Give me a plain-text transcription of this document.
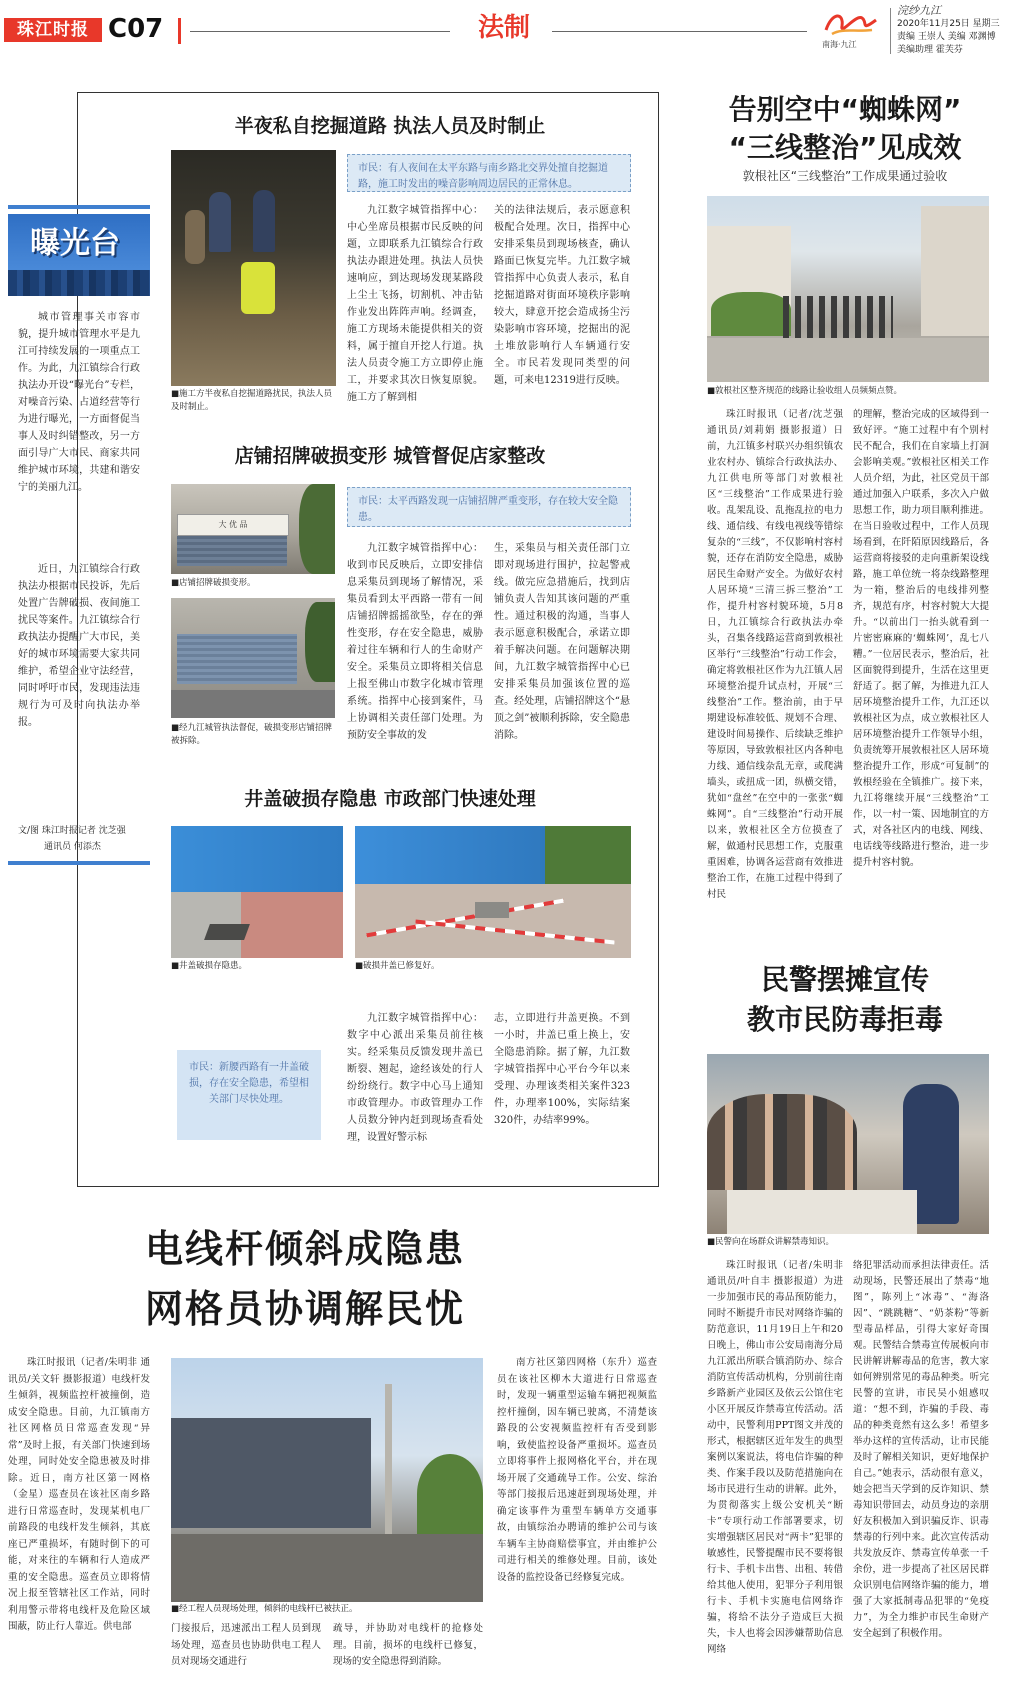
珠江时报 C07	法制
南海·九江
浣纱九江
2020年11月25日 星期三
责编 王崇人 美编 邓渊博
美编助理 霍芙芬
曝光台

城市管理事关市容市貌，提升城市管理水平是九江可持续发展的一项重点工作。为此，九江镇综合行政执法办开设“曝光台”专栏，对噪音污染、占道经营等行为进行曝光，一方面督促当事人及时纠错整改，另一方面引导广大市民、商家共同维护城市环境，共建和谐安宁的美丽九江。

近日，九江镇综合行政执法办根据市民投诉，先后处置广告牌破损、夜间施工扰民等案件。九江镇综合行政执法办提醒广大市民，美好的城市环境需要大家共同维护，希望企业守法经营，同时呼吁市民，发现违法违规行为可及时向执法办举报。

文/图 珠江时报记者 沈芝强

通讯员 何添杰

半夜私自挖掘道路 执法人员及时制止

■施工方半夜私自挖掘道路扰民，执法人员及时制止。

市民：有人夜间在太平东路与南乡路北交界处擅自挖掘道路，施工时发出的噪音影响周边居民的正常休息。

九江数字城管指挥中心：中心坐席员根据市民反映的问题，立即联系九江镇综合行政执法办跟进处理。执法人员快速响应，到达现场发现某路段上尘土飞扬，切割机、冲击钻作业发出阵阵声响。经调查，施工方现场未能提供相关的资料，属于擅自开挖人行道。执法人员责令施工方立即停止施工，并要求其次日恢复原貌。施工方了解到相

关的法律法规后，表示愿意积极配合处理。次日，指挥中心安排采集员到现场核查，确认路面已恢复完毕。九江数字城管指挥中心负责人表示，私自挖掘道路对街面环境秩序影响较大，肆意开挖会造成扬尘污染影响市容环境，挖掘出的泥土堆放影响行人车辆通行安全。市民若发现同类型的问题，可来电12319进行反映。

店铺招牌破损变形 城管督促店家整改
大 优 品

■店铺招牌破损变形。

■经九江城管执法督促，破损变形店铺招牌被拆除。

市民：太平西路发现一店铺招牌严重变形，存在较大安全隐患。

九江数字城管指挥中心：收到市民反映后，立即安排信息采集员到现场了解情况，采集员看到太平西路一带有一间店铺招牌摇摇欲坠，存在的弹性变形，存在安全隐患，威胁着过往车辆和行人的生命财产安全。采集员立即将相关信息上报至佛山市数字化城市管理系统。指挥中心接到案件，马上协调相关责任部门处理。为预防安全事故的发

生，采集员与相关责任部门立即对现场进行围护，拉起警戒线。做完应急措施后，找到店铺负责人告知其该问题的严重性。通过积极的沟通，当事人表示愿意积极配合，承诺立即着手解决问题。在问题解决期间，九江数字城管指挥中心已安排采集员加强该位置的巡查。经处理，店铺招牌这个“悬顶之剑”被顺利拆除，安全隐患消除。

井盖破损存隐患 市政部门快速处理

■井盖破损存隐患。	■破损井盖已修复好。

市民：新腰西路有一井盖破损，存在安全隐患，希望相关部门尽快处理。

九江数字城管指挥中心：数字中心派出采集员前往核实。经采集员反馈发现井盖已断裂、翘起，途经该处的行人纷纷绕行。数字中心马上通知市政管理办。市政管理办工作人员数分钟内赶到现场查看处理，设置好警示标

志，立即进行井盖更换。不到一小时，井盖已重上换上，安全隐患消除。据了解，九江数字城管指挥中心平台今年以来受理、办理该类相关案件323件，办理率100%，实际结案320件，办结率99%。

电线杆倾斜成隐患
网格员协调解民忧

珠江时报讯（记者/朱明非 通讯员/关文轩 摄影报道）电线杆发生倾斜，视频监控杆被撞倒，造成安全隐患。目前，九江镇南方社区网格员日常巡查发现“异常”及时上报，有关部门快速到场处理，同时处安全隐患被及时排除。近日，南方社区第一网格（金星）巡查员在该社区南乡路进行日常巡查时，发现某机电厂前路段的电线杆发生倾斜，其底座已严重损坏，有随时倒下的可能，对来往的车辆和行人造成严重的安全隐患。巡查员立即将情况上报至管辖社区工作站，同时利用警示带将电线杆及危险区域围蔽，防止行人靠近。供电部

■经工程人员现场处理，倾斜的电线杆已被扶正。

门接报后，迅速派出工程人员到现场处理，巡查员也协助供电工程人员对现场交通进行

疏导，并协助对电线杆的抢修处理。目前，损坏的电线杆已修复，现场的安全隐患得到消除。

南方社区第四网格（东升）巡查员在该社区柳木大道进行日常巡查时，发现一辆重型运输车辆把视频监控杆撞倒，因车辆已驶离，不清楚该路段的公安视频监控杆有否受到影响，致使监控设备严重损坏。巡查员立即将事件上报网格化平台，并在现场开展了交通疏导工作。公安、综治等部门接报后迅速赶到现场处理，并确定该事件为重型车辆单方交通事故，由镇综治办聘请的维护公司与该车辆车主协商赔偿事宜，并由维护公司进行相关的维修处理。目前，该处设备的监控设备已经修复完成。

告别空中“蜘蛛网”
“三线整治”见成效
敦根社区“三线整治”工作成果通过验收

■敦根社区整齐规范的线路让验收组人员频频点赞。

珠江时报讯（记者/沈芝强 通讯员/刘莉娟 摄影报道）日前，九江镇多村联兴办组织镇农业农村办、镇综合行政执法办、九江供电所等部门对敦根社区“三线整治”工作成果进行验收。乱架乱设、乱拖乱拉的电力线、通信线、有线电视线等错综复杂的“三线”，不仅影响村容村貌，还存在消防安全隐患，威胁居民生命财产安全。为做好农村人居环境“三清三拆三整治”工作，提升村容村貌环境，5月8日，九江镇综合行政执法办牵头，召集各线路运营商到敦根社区举行“三线整治”行动工作会，确定将敦根社区作为九江镇人居环境整治提升试点村，开展“三线整治”工作。整治前，由于早期建设标准较低、规划不合理、建设时间易操作、后续缺乏维护等原因，导致敦根社区内各种电力线、通信线杂乱无章，或爬满墙头，或扭成一团，纵横交错，犹如“盘丝”在空中的一张张“蜘蛛网”。自“三线整治”行动开展以来，敦根社区全方位摸查了解，做通村民思想工作，克服重重困难，协调各运营商有效推进整治工作，在施工过程中得到了村民

的理解，整治完成的区域得到一致好评。“施工过程中有个别村民不配合，我们在自家墙上打洞会影响美观。”敦根社区相关工作人员介绍，为此，社区党员干部通过加强入户联系，多次入户做思想工作，助力项目顺利推进。在当日验收过程中，工作人员现场看到，在阡陌原因线路后，各运营商将接驳的走向重新架设线路，施工单位统一将杂线路整理为一箱，整治后的电线排列整齐，规范有序，村容村貌大大提升。“以前出门一抬头就看到一片密密麻麻的‘蜘蛛网’，乱七八糟。”一位居民表示，整治后，社区面貌得到提升，生活在这里更舒适了。据了解，为推进九江人居环境整治提升工作，九江还以敦根社区为点，成立敦根社区人居环境整治提升工作领导小组，负责统筹开展敦根社区人居环境整治提升工作，形成“可复制”的敦根经验在全镇推广。接下来，九江将继续开展“三线整治”工作，以一村一策、因地制宜的方式，对各社区内的电线、网线、电话线等线路进行整治，进一步提升村容村貌。

民警摆摊宣传
教市民防毒拒毒

■民警向在场群众讲解禁毒知识。

珠江时报讯（记者/朱明非 通讯员/叶自丰 摄影报道）为进一步加强市民的毒品预防能力，同时不断提升市民对网络诈骗的防范意识，11月19日上午和20日晚上，佛山市公安局南海分局九江派出所联合镇消防办、综合消防宣传活动机构，分别前往南乡路新产业园区及依云公馆住宅小区开展反诈禁毒宣传活动。活动中，民警利用PPT图文并茂的形式，根据辖区近年发生的典型案例以案说法，将电信诈骗的种类、作案手段以及防范措施向在场市民进行生动的讲解。此外，为贯彻落实上级公安机关“断卡”专项行动工作部署要求，切实增强辖区居民对“两卡”犯罪的敏感性，民警提醒市民不要将银行卡、手机卡出售、出租、转借给其他人使用，犯罪分子利用银行卡、手机卡实施电信网络诈骗，将给不法分子造成巨大损失，卡人也将会因涉嫌帮助信息网络

络犯罪活动而承担法律责任。活动现场，民警还展出了禁毒“地图”，陈列上“冰毒”、“海洛因”、“跳跳糖”、“奶茶粉”等新型毒品样品，引得大家好奇围观。民警结合禁毒宣传展板向市民讲解讲解毒品的危害，教大家如何辨别常见的毒品种类。听完民警的宣讲，市民吴小姐感叹道：“想不到，诈骗的手段、毒品的种类竟然有这么多！希望多举办这样的宣传活动，让市民能及时了解相关知识，更好地保护自己。”她表示，活动很有意义，她会把当天学到的反诈知识、禁毒知识带回去，动员身边的亲朋好友积极加入到识骗反诈、识毒禁毒的行列中来。此次宣传活动共发放反诈、禁毒宣传单张一千余份，进一步提高了社区居民群众识别电信网络诈骗的能力，增强了大家抵制毒品犯罪的“免疫力”，为全力维护市民生命财产安全起到了积极作用。
